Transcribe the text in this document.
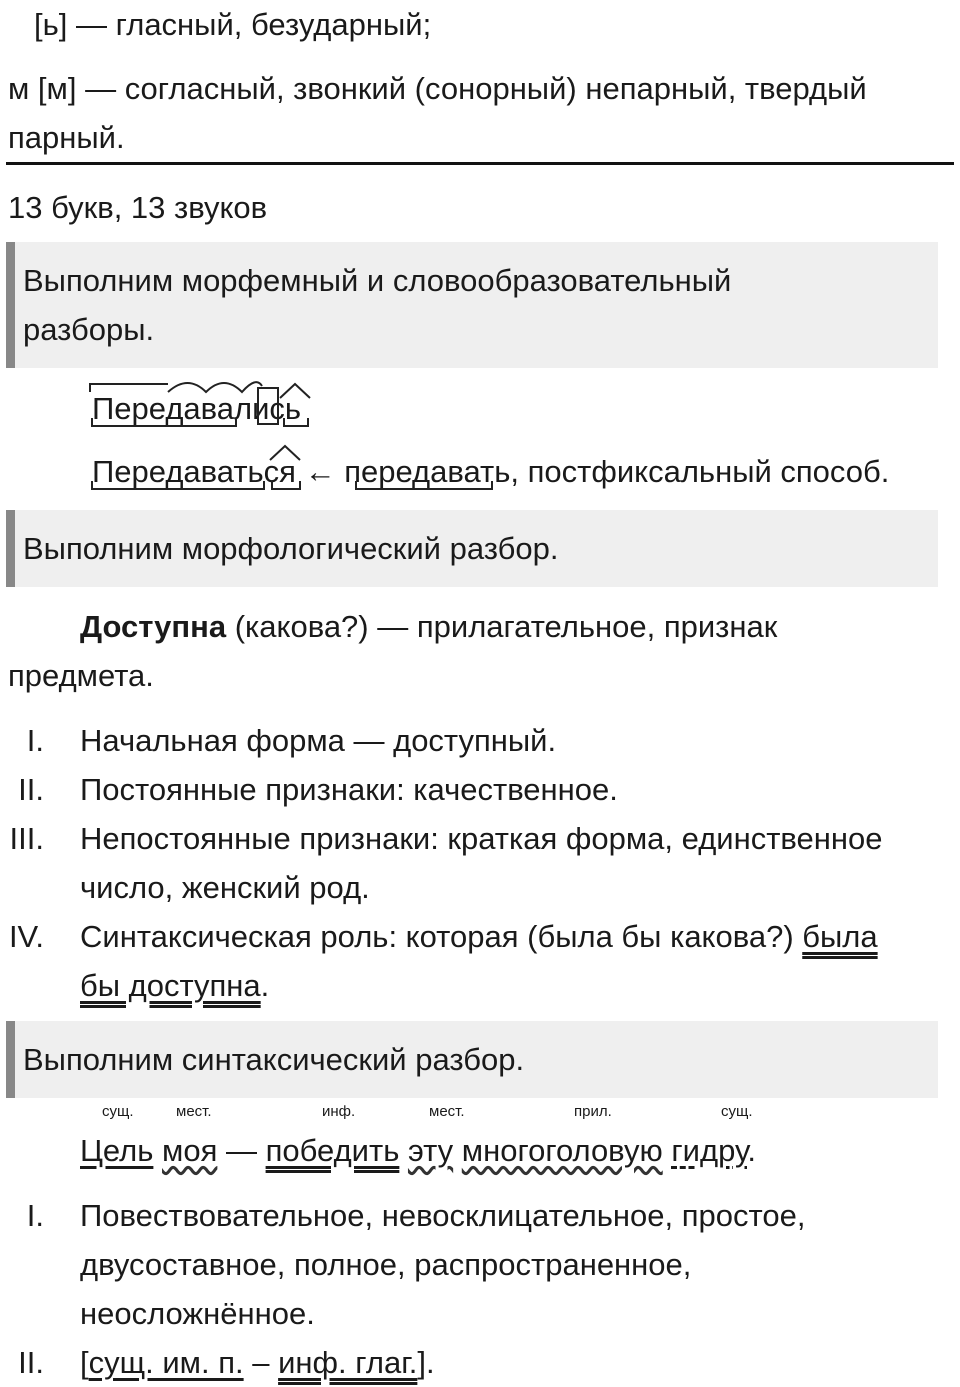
[ь] — гласный, безударный;
м [м] — согласный, звонкий (сонорный) непарный, твердый
парный.
13 букв, 13 звуков
Выполним морфемный и словообразовательный
разборы.
Передавались
Передаваться ← передавать, постфиксальный способ.
Выполним морфологический разбор.
Доступна (какова?) — прилагательное, признак
предмета.
I. Начальная форма — доступный.
II. Постоянные признаки: качественное.
III. Непостоянные признаки: краткая форма, единственное
число, женский род.
IV. Синтаксическая роль: которая (была бы какова?) была
бы доступна.
Выполним синтаксический разбор.
сущ.	мест.	инф.	мест.	прил.	сущ.
Цель моя — победить эту многоголовую гидру.
I. Повествовательное, невосклицательное, простое,
двусоставное, полное, распространенное,
неосложнённое.
II. [сущ. им. п. – инф. глаг.].
